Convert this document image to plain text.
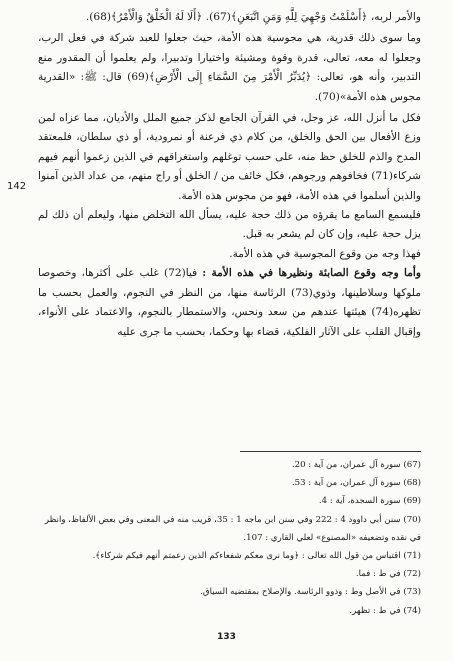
والأمر لربه، ﴿أَسْلَمْتُ وَجْهِيَ لِلَّهِ وَمَنِ اتَّبَعَنِ﴾(67). ﴿أَلَا لَهُ الْخَلْقُ وَالْأَمْرُ﴾(68).

وما سوى ذلك قدرية، هي مجوسية هذه الأمة، حيث جعلوا للعبد شركة في فعل الرب، وجعلوا له معه، تعالى، قدرة وقوة ومشيئة واختيارا وتدبيرا، ولم يعلموا أن المقدور منع التدبير، وأنه هو، تعالى: ﴿يُدَبِّرُ الْأَمْرَ مِنَ السَّمَاءِ إِلَى الْأَرْضِ﴾(69) قال: ﷺ: «القدرية مجوس هذه الأمة»(70).

فكل ما أنزل الله، عز وجل، في القرآن الجامع لذكر جميع الملل والأديان، مما عزاه لمن وزع الأفعال بين الحق والخلق، من كلام ذي فرعنة أو نمرودية، أو ذي سلطان، فلمعتقد المدح والذم للخلق حظ منه، على حسب توغلهم واستغراقهم في الذين زعموا أنهم فيهم شركاء(71) فخافوهم ورجوهم، فكل خائف من / الخلق أو راج منهم، من عداد الذين آمنوا والذين أسلموا في هذه الأمة، فهو من مجوس هذه الأمة.

فليسمع السامع ما يقرؤه من ذلك حجة عليه، يسأل الله التخلص منها، وليعلم أن ذلك لم يزل حجة عليه، وإن كان لم يشعر به قبل.

فهذا وجه من وقوع المجوسية في هذه الأمة.

وأما وجه وقوع الصابئة ونظيرها في هذه الأمة : فيا(72) غلب على أكثرها، وخصوصا ملوكها وسلاطينها، وذوي(73) الرئاسة منها، من النظر في النجوم، والعمل بحسب ما تظهره(74) هيئتها عندهم من سعد ونحس، والاستمطار بالنجوم، والاعتماد على الأنواء، وإقبال القلب على الآثار الفلكية، قضاء بها وحكما، بحسب ما جرى عليه

142

(67) سورة آل عمران، من آية : 20.

(68) سورة آل عمران، من آية : 53.

(69) سورة السجدة، آية : 4.

(70) سنن أبي داوود 4 : 222 وفي سنن ابن ماجه 1 : 35، قريب منه في المعنى وفي بعض الألفاظ، وانظر

في نقده وتضعيفه «المصنوع» لعلي القاري : 107.

(71) اقتباس من قول الله تعالى : ﴿وما نرى معكم شفعاءكم الذين زعمتم أنهم فيكم شركاء﴾.

(72) في ط : فما.

(73) في الأصل وط : وذوو الرئاسة. والإصلاح بمقتضيه السياق.

(74) في ط : تظهر.

133
